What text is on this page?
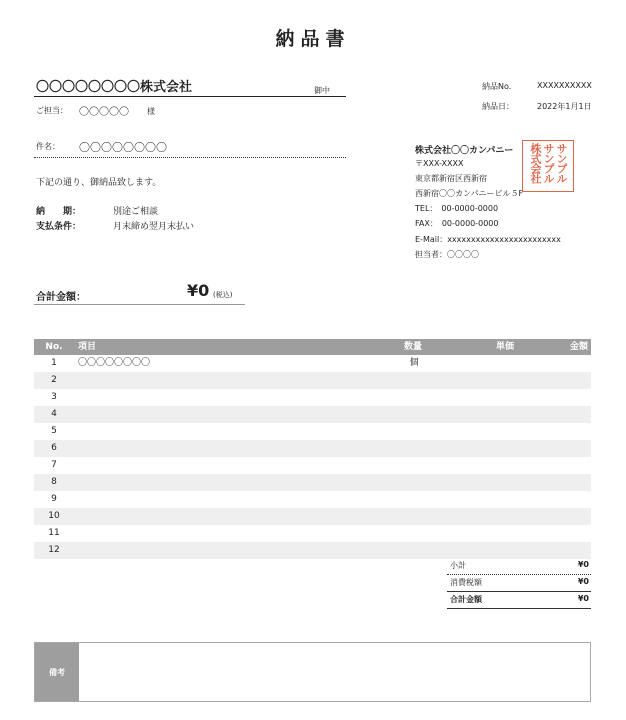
納品書
〇〇〇〇〇〇〇〇株式会社	御中
ご担当： 〇〇〇〇〇 様
件名： 〇〇〇〇〇〇〇〇
下記の通り、御納品致します。
納　　期：	別途ご相談
支払条件：	月末締め翌月末払い
納品No.	XXXXXXXXXX
納品日：	2022年1月1日
株式会社〇〇カンパニー
〒XXX-XXXX
東京都新宿区西新宿
西新宿〇〇カンパニービル５F
TEL：　00-0000-0000
FAX：　00-0000-0000
E-Mail：xxxxxxxxxxxxxxxxxxxxxxxx
担当者：〇〇〇〇
サンプル
サンプル
株式会社
合計金額：	¥0 (税込)
No.	項目	数量	単価	金額
1	〇〇〇〇〇〇〇〇	個
2
3
4
5
6
7
8
9
10
11
12
小計	¥0
消費税額	¥0
合計金額	¥0
備考
